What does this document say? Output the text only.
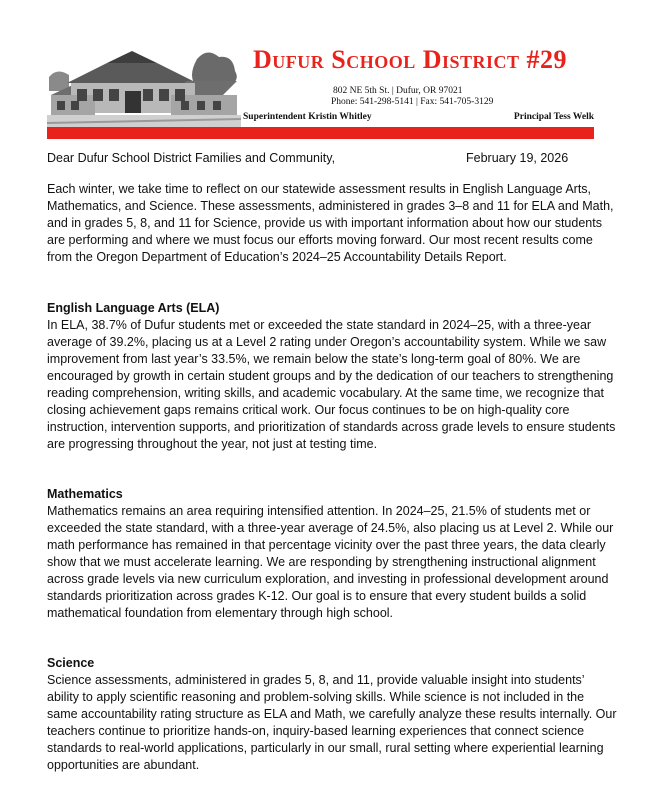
Dufur School District #29
802 NE 5th St. | Dufur, OR 97021
Phone: 541-298-5141 | Fax: 541-705-3129
Superintendent Kristin Whitley	Principal Tess Welk
Dear Dufur School District Families and Community,	February 19, 2026

Each winter, we take time to reflect on our statewide assessment results in English Language Arts, Mathematics, and Science. These assessments, administered in grades 3–8 and 11 for ELA and Math, and in grades 5, 8, and 11 for Science, provide us with important information about how our students are performing and where we must focus our efforts moving forward. Our most recent results come from the Oregon Department of Education’s 2024–25 Accountability Details Report.

English Language Arts (ELA)
In ELA, 38.7% of Dufur students met or exceeded the state standard in 2024–25, with a three-year average of 39.2%, placing us at a Level 2 rating under Oregon’s accountability system. While we saw improvement from last year’s 33.5%, we remain below the state’s long-term goal of 80%. We are encouraged by growth in certain student groups and by the dedication of our teachers to strengthening reading comprehension, writing skills, and academic vocabulary. At the same time, we recognize that closing achievement gaps remains critical work. Our focus continues to be on high-quality core instruction, intervention supports, and prioritization of standards across grade levels to ensure students are progressing throughout the year, not just at testing time.
Mathematics
Mathematics remains an area requiring intensified attention. In 2024–25, 21.5% of students met or exceeded the state standard, with a three-year average of 24.5%, also placing us at Level 2. While our math performance has remained in that percentage vicinity over the past three years, the data clearly show that we must accelerate learning. We are responding by strengthening instructional alignment across grade levels via new curriculum exploration, and investing in professional development around standards prioritization across grades K-12. Our goal is to ensure that every student builds a solid mathematical foundation from elementary through high school.
Science
Science assessments, administered in grades 5, 8, and 11, provide valuable insight into students’ ability to apply scientific reasoning and problem-solving skills. While science is not included in the same accountability rating structure as ELA and Math, we carefully analyze these results internally. Our teachers continue to prioritize hands-on, inquiry-based learning experiences that connect science standards to real-world applications, particularly in our small, rural setting where experiential learning opportunities are abundant.
